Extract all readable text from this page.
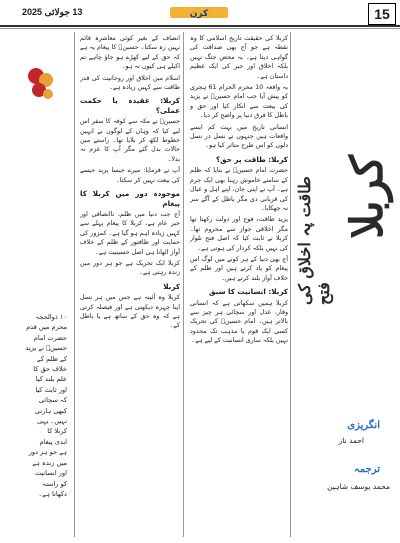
15
کرن
13 جولائی 2025

کربلا کی حقیقت تاریخ اسلامی کا وہ نقطہ ہے جو آج بھی صداقت کی گواہی دیتا ہے۔ یہ محض جنگ نہیں بلکہ اخلاق اور جبر کی ایک عظیم داستان ہے۔

یہ واقعہ 10 محرم الحرام 61 ہجری کو پیش آیا جب امام حسینؑ نے یزید کی بیعت سے انکار کیا اور حق و باطل کا فرق دنیا پر واضح کر دیا۔

انسانی تاریخ میں بہت کم ایسے واقعات ہیں جنہوں نے نسل در نسل دلوں کو اس طرح متاثر کیا ہو۔

کربلا: طاقت پر حق؟

حضرت امام حسینؑ نے بتایا کہ ظلم کے سامنے خاموش رہنا بھی ایک جرم ہے۔ آپ نے اپنی جان، اپنے اہل و عیال کی قربانی دی مگر باطل کے آگے سر نہ جھکایا۔

یزید طاقت، فوج اور دولت رکھتا تھا مگر اخلاقی جواز سے محروم تھا۔ کربلا نے ثابت کیا کہ اصل فتح تلوار کی نہیں بلکہ کردار کی ہوتی ہے۔

آج بھی دنیا کے ہر کونے میں لوگ اس پیغام کو یاد کرتے ہیں اور ظلم کے خلاف آواز بلند کرتے ہیں۔

کربلا: انسانیت کا سبق

کربلا ہمیں سکھاتی ہے کہ انسانی وقار، عدل اور سچائی ہر چیز سے بالاتر ہیں۔ امام حسینؑ کی تحریک کسی ایک قوم یا مذہب تک محدود نہیں بلکہ ساری انسانیت کے لیے ہے۔

کربلا
طاقت پہ اخلاق کی فتح
انگریزی
احمد ناز
ترجمہ
محمد یوسف شاہین

انصاف کے بغیر کوئی معاشرہ قائم نہیں رہ سکتا۔ حسینؑ کا پیغام یہ ہے کہ حق کے لیے کھڑے ہو جاؤ چاہے تم اکیلے ہی کیوں نہ ہو۔

اسلام میں اخلاق اور روحانیت کی قدر طاقت سے کہیں زیادہ ہے۔

کربلا: عقیدہ یا حکمت عملی؟

حسینؑ نے مکہ سے کوفہ کا سفر اس لیے کیا کہ وہاں کے لوگوں نے انہیں خطوط لکھ کر بلایا تھا۔ راستے میں حالات بدل گئے مگر آپ کا عزم نہ بدلا۔

آپ نے فرمایا: میرے جیسا یزید جیسے کی بیعت نہیں کر سکتا۔

موجودہ دور میں کربلا کا پیغام

آج جب دنیا میں ظلم، ناانصافی اور جبر عام ہے، کربلا کا پیغام پہلے سے کہیں زیادہ اہم ہو گیا ہے۔ کمزور کی حمایت اور طاقتور کے ظلم کے خلاف آواز اٹھانا ہی اصل حسینیت ہے۔

کربلا ایک تحریک ہے جو ہر دور میں زندہ رہتی ہے۔

کربلا

کربلا وہ آئینہ ہے جس میں ہر نسل اپنا چہرہ دیکھتی ہے اور فیصلہ کرتی ہے کہ وہ حق کے ساتھ ہے یا باطل کے۔

۱۰ ذوالحجہ
محرم میں قدم
حضرت امام
حسینؑ نے یزید
کے ظلم کے
خلاف حق کا
علم بلند کیا
اور ثابت کیا
کہ سچائی
کبھی ہارتی
نہیں۔ یہی
کربلا کا
ابدی پیغام
ہے جو ہر دور
میں زندہ ہے
اور انسانیت
کو راستہ
دکھاتا ہے۔
